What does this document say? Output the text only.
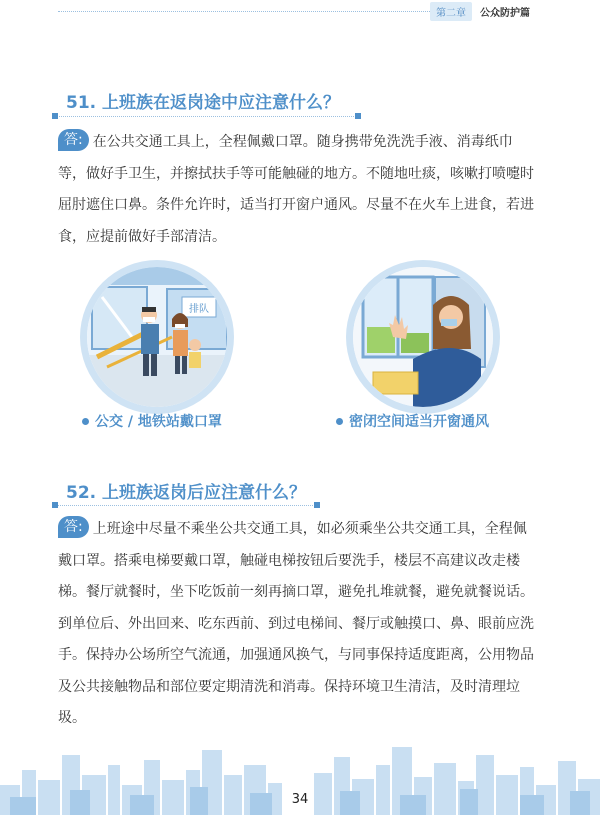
第二章	公众防护篇
51. 上班族在返岗途中应注意什么？
答: 在公共交通工具上，全程佩戴口罩。随身携带免洗洗手液、消毒纸巾等，做好手卫生，并擦拭扶手等可能触碰的地方。不随地吐痰，咳嗽打喷嚏时屈肘遮住口鼻。条件允许时，适当打开窗户通风。尽量不在火车上进食，若进食，应提前做好手部清洁。
排队
公交 / 地铁站戴口罩	密闭空间适当开窗通风
52. 上班族返岗后应注意什么？
答: 上班途中尽量不乘坐公共交通工具，如必须乘坐公共交通工具，全程佩戴口罩。搭乘电梯要戴口罩，触碰电梯按钮后要洗手，楼层不高建议改走楼梯。餐厅就餐时，坐下吃饭前一刻再摘口罩，避免扎堆就餐，避免就餐说话。到单位后、外出回来、吃东西前、到过电梯间、餐厅或触摸口、鼻、眼前应洗手。保持办公场所空气流通，加强通风换气，与同事保持适度距离，公用物品及公共接触物品和部位要定期清洗和消毒。保持环境卫生清洁，及时清理垃圾。
34
